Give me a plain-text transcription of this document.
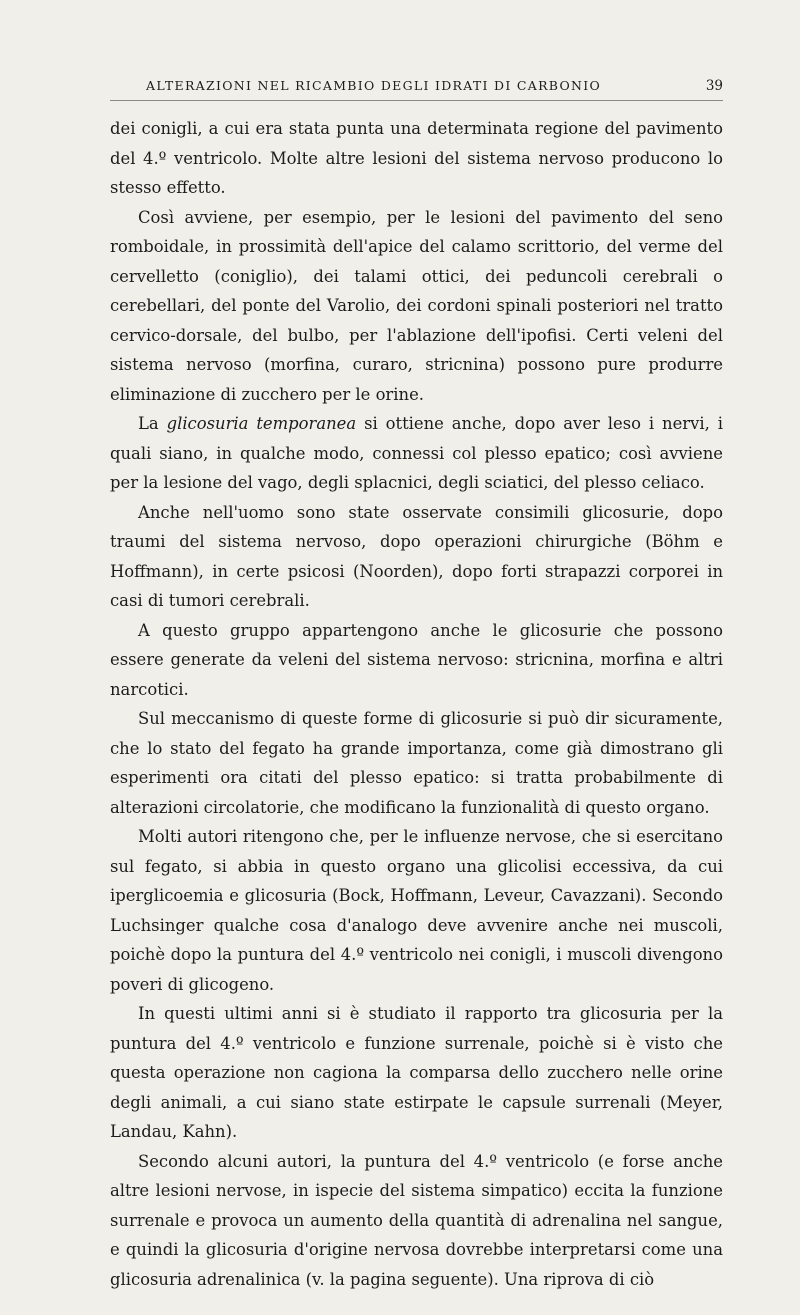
ALTERAZIONI NEL RICAMBIO DEGLI IDRATI DI CARBONIO	39

dei conigli, a cui era stata punta una determinata regione del pavimento del 4.º ventricolo. Molte altre lesioni del sistema nervoso producono lo stesso effetto.

Così avviene, per esempio, per le lesioni del pavimento del seno romboidale, in prossimità dell'apice del calamo scrittorio, del verme del cervelletto (coniglio), dei talami ottici, dei peduncoli cerebrali o cerebellari, del ponte del Varolio, dei cordoni spinali posteriori nel tratto cervico-dorsale, del bulbo, per l'ablazione dell'ipofisi. Certi veleni del sistema nervoso (morfina, curaro, stricnina) possono pure produrre eliminazione di zucchero per le orine.

La glicosuria temporanea si ottiene anche, dopo aver leso i nervi, i quali siano, in qualche modo, connessi col plesso epatico; così avviene per la lesione del vago, degli splacnici, degli sciatici, del plesso celiaco.

Anche nell'uomo sono state osservate consimili glicosurie, dopo traumi del sistema nervoso, dopo operazioni chirurgiche (Böhm e Hoffmann), in certe psicosi (Noorden), dopo forti strapazzi corporei in casi di tumori cerebrali.

A questo gruppo appartengono anche le glicosurie che possono essere generate da veleni del sistema nervoso: stricnina, morfina e altri narcotici.

Sul meccanismo di queste forme di glicosurie si può dir sicuramente, che lo stato del fegato ha grande importanza, come già dimostrano gli esperimenti ora citati del plesso epatico: si tratta probabilmente di alterazioni circolatorie, che modificano la funzionalità di questo organo.

Molti autori ritengono che, per le influenze nervose, che si esercitano sul fegato, si abbia in questo organo una glicolisi eccessiva, da cui iperglicoemia e glicosuria (Bock, Hoffmann, Leveur, Cavazzani). Secondo Luchsinger qualche cosa d'analogo deve avvenire anche nei muscoli, poichè dopo la puntura del 4.º ventricolo nei conigli, i muscoli divengono poveri di glicogeno.

In questi ultimi anni si è studiato il rapporto tra glicosuria per la puntura del 4.º ventricolo e funzione surrenale, poichè si è visto che questa operazione non cagiona la comparsa dello zucchero nelle orine degli animali, a cui siano state estirpate le capsule surrenali (Meyer, Landau, Kahn).

Secondo alcuni autori, la puntura del 4.º ventricolo (e forse anche altre lesioni nervose, in ispecie del sistema simpatico) eccita la funzione surrenale e provoca un aumento della quantità di adrenalina nel sangue, e quindi la glicosuria d'origine nervosa dovrebbe interpretarsi come una glicosuria adrenalinica (v. la pagina seguente). Una riprova di ciò
